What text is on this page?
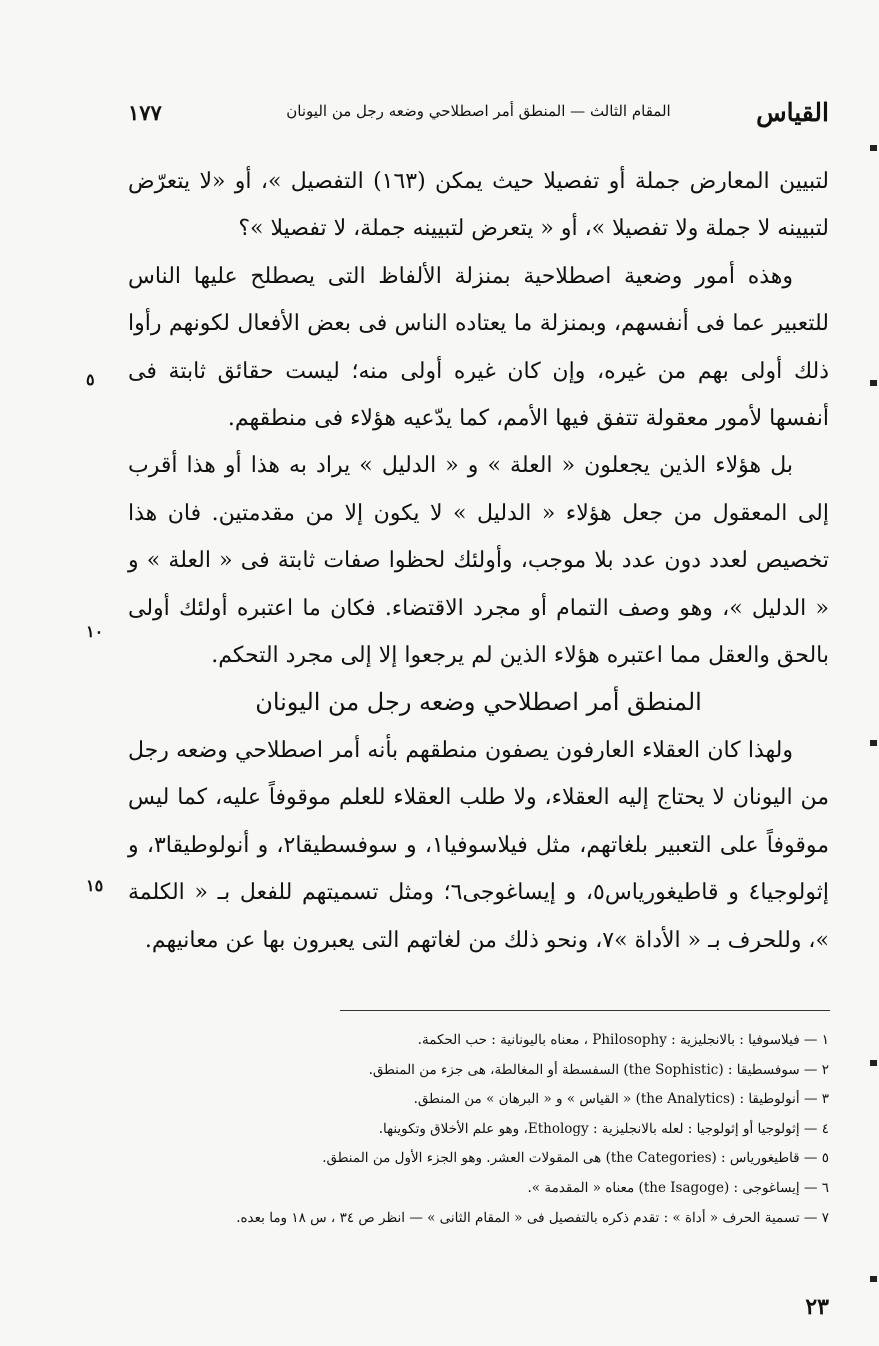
القياس
المقام الثالث — المنطق أمر اصطلاحي وضعه رجل من اليونان
١٧٧

لتبيين المعارض جملة أو تفصيلا حيث يمكن (١٦٣) التفصيل »، أو «لا يتعرّض لتبيينه لا جملة ولا تفصيلا »، أو « يتعرض لتبيينه جملة، لا تفصيلا »؟

وهذه أمور وضعية اصطلاحية بمنزلة الألفاظ التى يصطلح عليها الناس للتعبير عما فى أنفسهم، وبمنزلة ما يعتاده الناس فى بعض الأفعال لكونهم رأوا ذلك أولى بهم من غيره، وإن كان غيره أولى منه؛ ليست حقائق ثابتة فى أنفسها لأمور معقولة تتفق فيها الأمم، كما يدّعيه هؤلاء فى منطقهم.

بل هؤلاء الذين يجعلون « العلة » و « الدليل » يراد به هذا أو هذا أقرب إلى المعقول من جعل هؤلاء « الدليل » لا يكون إلا من مقدمتين. فان هذا تخصيص لعدد دون عدد بلا موجب، وأولئك لحظوا صفات ثابتة فى « العلة » و « الدليل »، وهو وصف التمام أو مجرد الاقتضاء. فكان ما اعتبره أولئك أولى بالحق والعقل مما اعتبره هؤلاء الذين لم يرجعوا إلا إلى مجرد التحكم.

المنطق أمر اصطلاحي وضعه رجل من اليونان

ولهذا كان العقلاء العارفون يصفون منطقهم بأنه أمر اصطلاحي وضعه رجل من اليونان لا يحتاج إليه العقلاء، ولا طلب العقلاء للعلم موقوفاً عليه، كما ليس موقوفاً على التعبير بلغاتهم، مثل فيلاسوفيا١، و سوفسطيقا٢، و أنولوطيقا٣، و إثولوجيا٤ و قاطيغورياس٥، و إيساغوجى٦؛ ومثل تسميتهم للفعل بـ « الكلمة »، وللحرف بـ « الأداة »٧، ونحو ذلك من لغاتهم التى يعبرون بها عن معانيهم.

٥
١٠
١٥
١ — فيلاسوفيا : بالانجليزية : Philosophy ، معناه باليونانية : حب الحكمة.
٢ — سوفسطيقا : (the Sophistic) السفسطة أو المغالطة، هى جزء من المنطق.
٣ — أنولوطيقا : (the Analytics) « القياس » و « البرهان » من المنطق.
٤ — إثولوجيا أو إثولوجيا : لعله بالانجليزية : Ethology، وهو علم الأخلاق وتكوينها.
٥ — قاطيغورياس : (the Categories) هى المقولات العشر. وهو الجزء الأول من المنطق.
٦ — إيساغوجى : (the Isagoge) معناه « المقدمة ».
٧ — تسمية الحرف « أداة » : تقدم ذكره بالتفصيل فى « المقام الثانى » — انظر ص ٣٤ ، س ١٨ وما بعده.
٢٣
